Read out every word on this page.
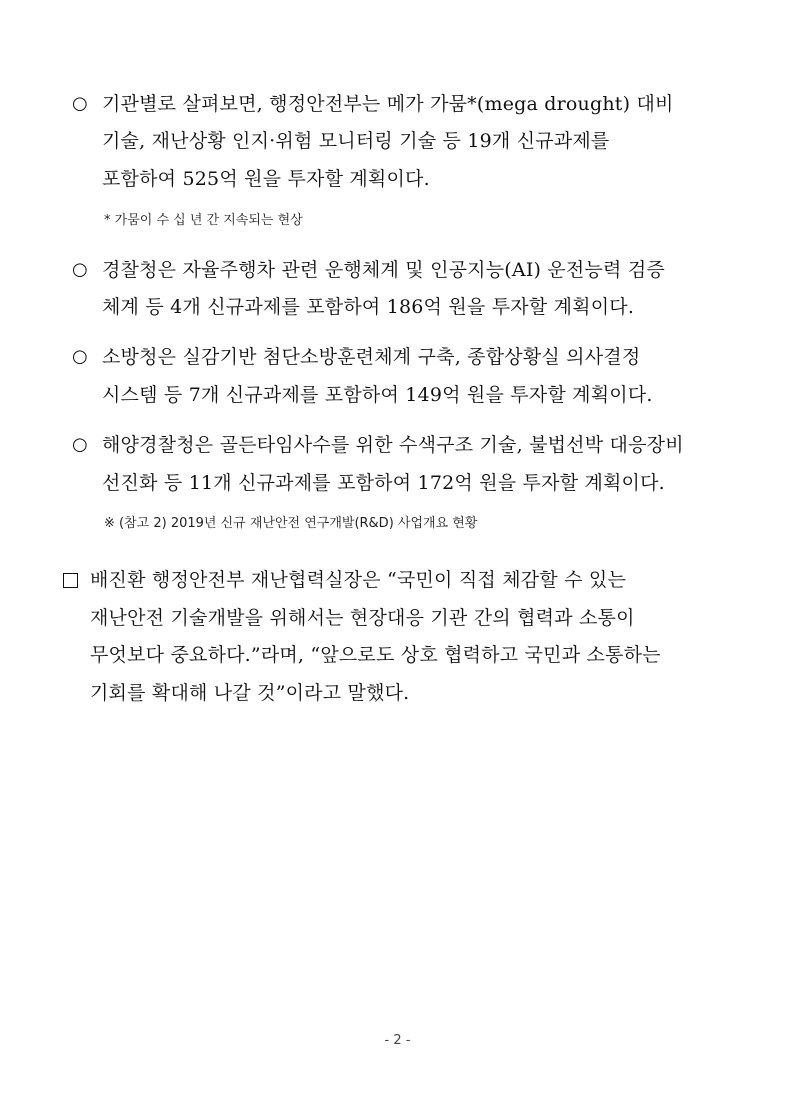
○ 기관별로 살펴보면, 행정안전부는 메가 가뭄*(mega drought) 대비
기술, 재난상황 인지·위험 모니터링 기술 등 19개 신규과제를
포함하여 525억 원을 투자할 계획이다.
* 가뭄이 수 십 년 간 지속되는 현상
○ 경찰청은 자율주행차 관련 운행체계 및 인공지능(AI) 운전능력 검증
체계 등 4개 신규과제를 포함하여 186억 원을 투자할 계획이다.
○ 소방청은 실감기반 첨단소방훈련체계 구축, 종합상황실 의사결정
시스템 등 7개 신규과제를 포함하여 149억 원을 투자할 계획이다.
○ 해양경찰청은 골든타임사수를 위한 수색구조 기술, 불법선박 대응장비
선진화 등 11개 신규과제를 포함하여 172억 원을 투자할 계획이다.
※ (참고 2) 2019년 신규 재난안전 연구개발(R&D) 사업개요 현황
배진환 행정안전부 재난협력실장은 “국민이 직접 체감할 수 있는
재난안전 기술개발을 위해서는 현장대응 기관 간의 협력과 소통이
무엇보다 중요하다.”라며, “앞으로도 상호 협력하고 국민과 소통하는
기회를 확대해 나갈 것”이라고 말했다.
- 2 -
